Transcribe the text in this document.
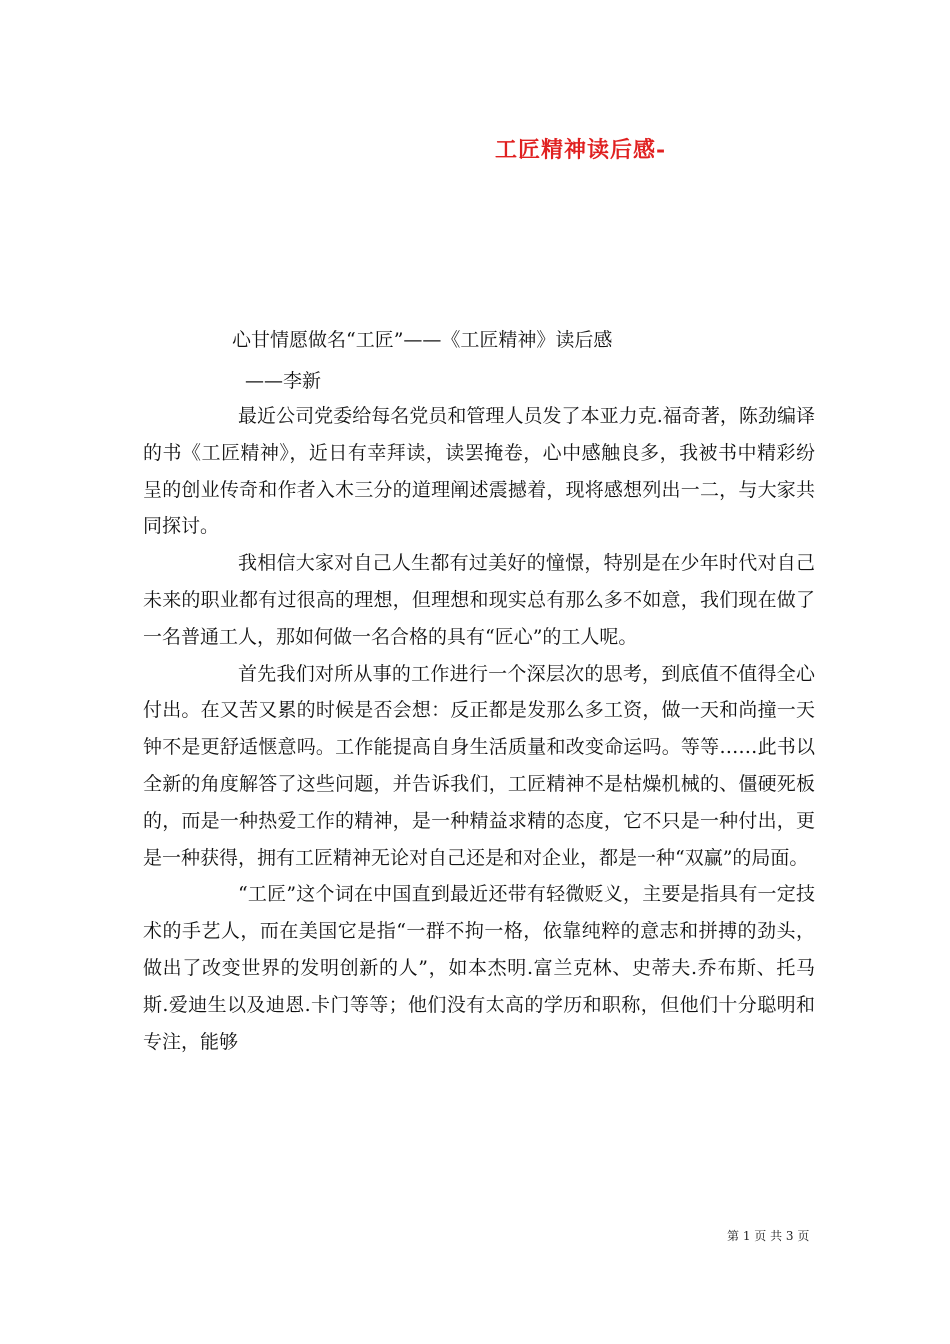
工匠精神读后感-
心甘情愿做名“工匠”——《工匠精神》读后感
——李新

最近公司党委给每名党员和管理人员发了本亚力克.福奇著，陈劲编译的书《工匠精神》，近日有幸拜读，读罢掩卷，心中感触良多，我被书中精彩纷呈的创业传奇和作者入木三分的道理阐述震撼着，现将感想列出一二，与大家共同探讨。

我相信大家对自己人生都有过美好的憧憬，特别是在少年时代对自己未来的职业都有过很高的理想，但理想和现实总有那么多不如意，我们现在做了一名普通工人，那如何做一名合格的具有“匠心”的工人呢。

首先我们对所从事的工作进行一个深层次的思考，到底值不值得全心付出。在又苦又累的时候是否会想：反正都是发那么多工资，做一天和尚撞一天钟不是更舒适惬意吗。工作能提高自身生活质量和改变命运吗。等等……此书以全新的角度解答了这些问题，并告诉我们，工匠精神不是枯燥机械的、僵硬死板的，而是一种热爱工作的精神，是一种精益求精的态度，它不只是一种付出，更是一种获得，拥有工匠精神无论对自己还是和对企业，都是一种“双赢”的局面。

“工匠”这个词在中国直到最近还带有轻微贬义，主要是指具有一定技术的手艺人，而在美国它是指“一群不拘一格，依靠纯粹的意志和拼搏的劲头，做出了改变世界的发明创新的人”，如本杰明.富兰克林、史蒂夫.乔布斯、托马斯.爱迪生以及迪恩.卡门等等；他们没有太高的学历和职称，但他们十分聪明和专注，能够

第 1 页 共 3 页
